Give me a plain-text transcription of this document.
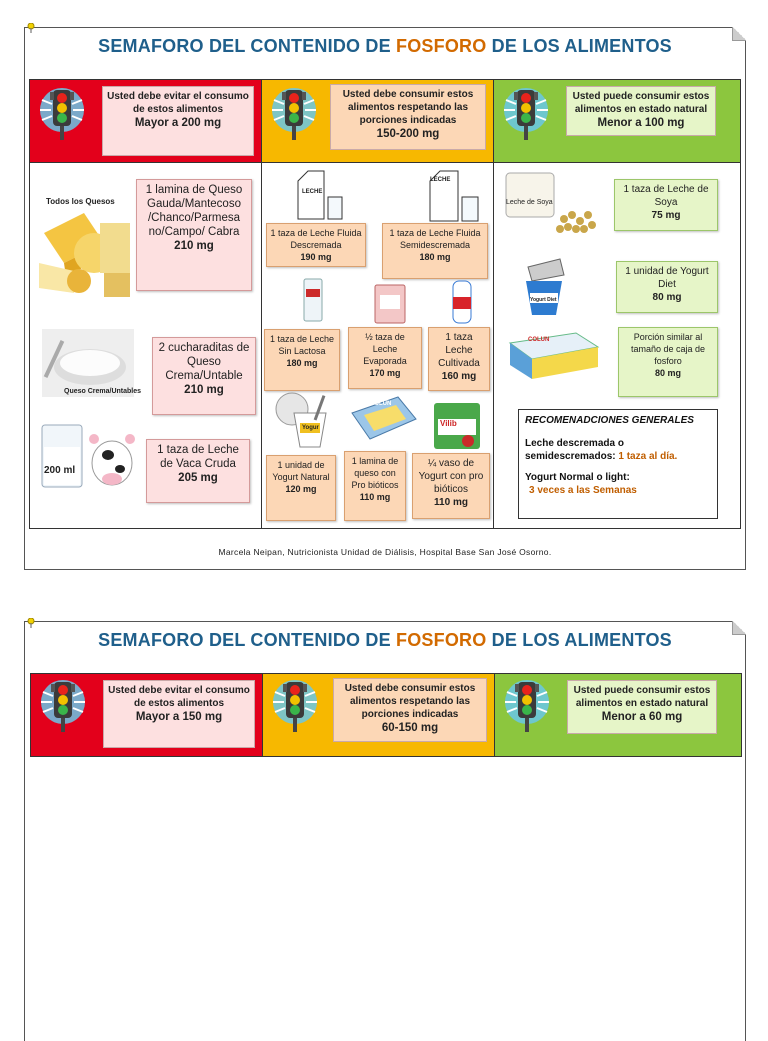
SEMAFORO DEL CONTENIDO DE FOSFORO DE LOS ALIMENTOS
Usted debe evitar el consumo de estos alimentos
Mayor a 200 mg
Usted debe consumir estos alimentos respetando las porciones indicadas
150-200 mg
Usted puede consumir estos alimentos en estado natural
Menor a 100 mg
Todos los Quesos
1 lamina de Queso Gauda/Mantecoso /Chanco/Parmesa no/Campo/ Cabra
210 mg
Queso Crema/Untables
2 cucharaditas de Queso Crema/Untable
210 mg
200 ml
1 taza de Leche de Vaca Cruda
205 mg
LECHE
LECHE
1 taza de Leche Fluida Descremada
190 mg
1 taza de Leche Fluida Semidescremada
180 mg
1 taza de Leche Sin Lactosa
180 mg
½ taza de Leche Evaporada
170 mg
1 taza Leche Cultivada
160 mg
Yogur
COLUN
Vilib
1 unidad de Yogurt Natural
120 mg
1 lamina de queso con Pro bióticos
110 mg
¼ vaso de Yogurt con pro bióticos
110 mg
Leche de Soya
1 taza de Leche de Soya
75 mg
Yogurt Diet
1 unidad de Yogurt Diet
80 mg
COLUN	Porción similar al tamaño de caja de fosforo
80 mg
RECOMENADCIONES GENERALES

Leche descremada o semidescremados: 1 taza al día.

Yogurt Normal o light:

3 veces a las Semanas

Marcela Neipan, Nutricionista Unidad de Diálisis, Hospital Base San José Osorno.
SEMAFORO DEL CONTENIDO DE FOSFORO DE LOS ALIMENTOS
Usted debe evitar el consumo de estos alimentos
Mayor a 150 mg
Usted debe consumir estos alimentos respetando las porciones indicadas
60-150 mg
Usted puede consumir estos alimentos en estado natural
Menor a 60 mg
